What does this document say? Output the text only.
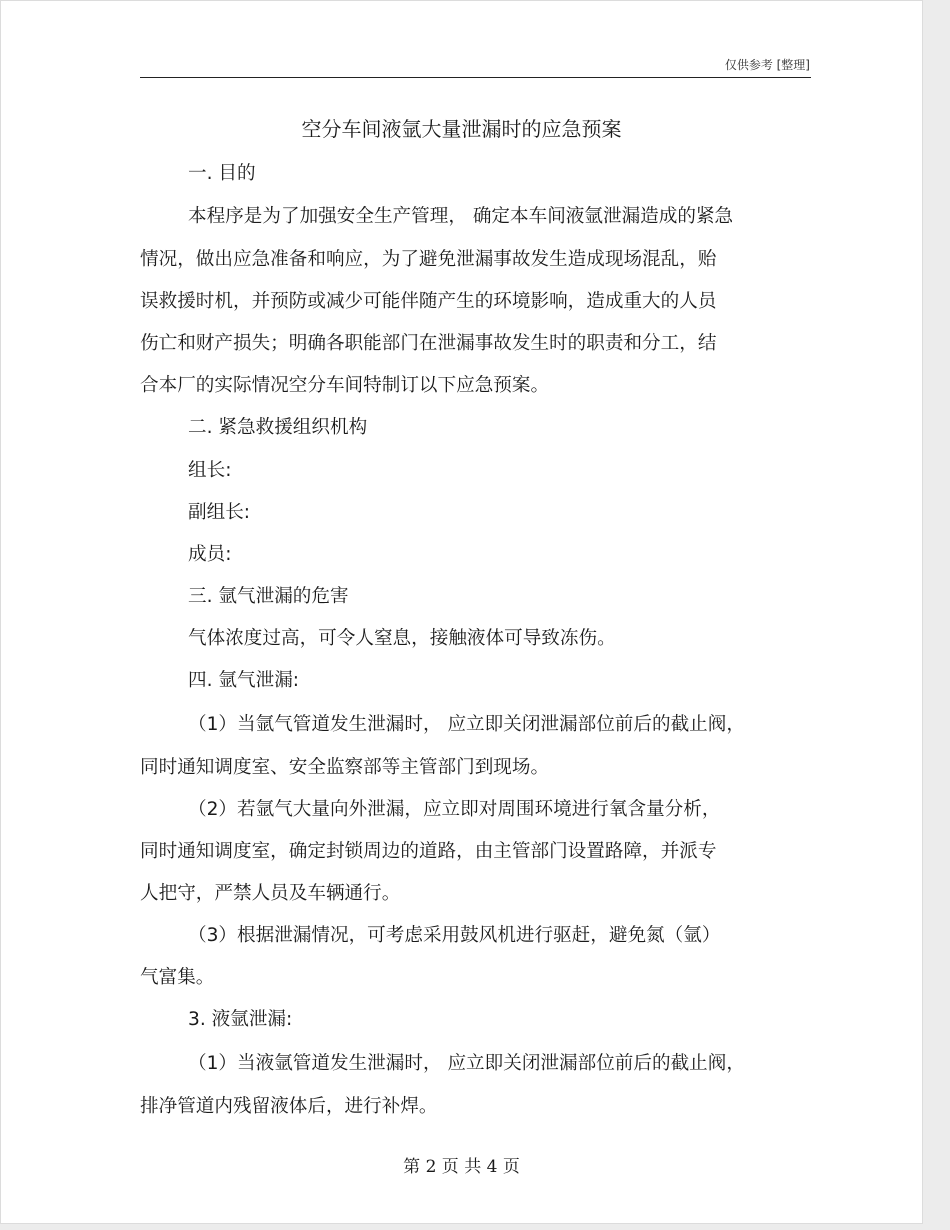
仅供参考 [整理]
空分车间液氩大量泄漏时的应急预案
一. 目的
本程序是为了加强安全生产管理， 确定本车间液氩泄漏造成的紧急
情况，做出应急准备和响应，为了避免泄漏事故发生造成现场混乱，贻
误救援时机，并预防或减少可能伴随产生的环境影响，造成重大的人员
伤亡和财产损失；明确各职能部门在泄漏事故发生时的职责和分工，结
合本厂的实际情况空分车间特制订以下应急预案。
二. 紧急救援组织机构
组长:
副组长:
成员:
三. 氩气泄漏的危害
气体浓度过高，可令人窒息，接触液体可导致冻伤。
四. 氩气泄漏:
（1）当氩气管道发生泄漏时， 应立即关闭泄漏部位前后的截止阀，
同时通知调度室、安全监察部等主管部门到现场。
（2）若氩气大量向外泄漏，应立即对周围环境进行氧含量分析，
同时通知调度室，确定封锁周边的道路，由主管部门设置路障，并派专
人把守，严禁人员及车辆通行。
（3）根据泄漏情况，可考虑采用鼓风机进行驱赶，避免氮（氩）
气富集。
3. 液氩泄漏:
（1）当液氩管道发生泄漏时， 应立即关闭泄漏部位前后的截止阀，
排净管道内残留液体后，进行补焊。
第 2 页 共 4 页
